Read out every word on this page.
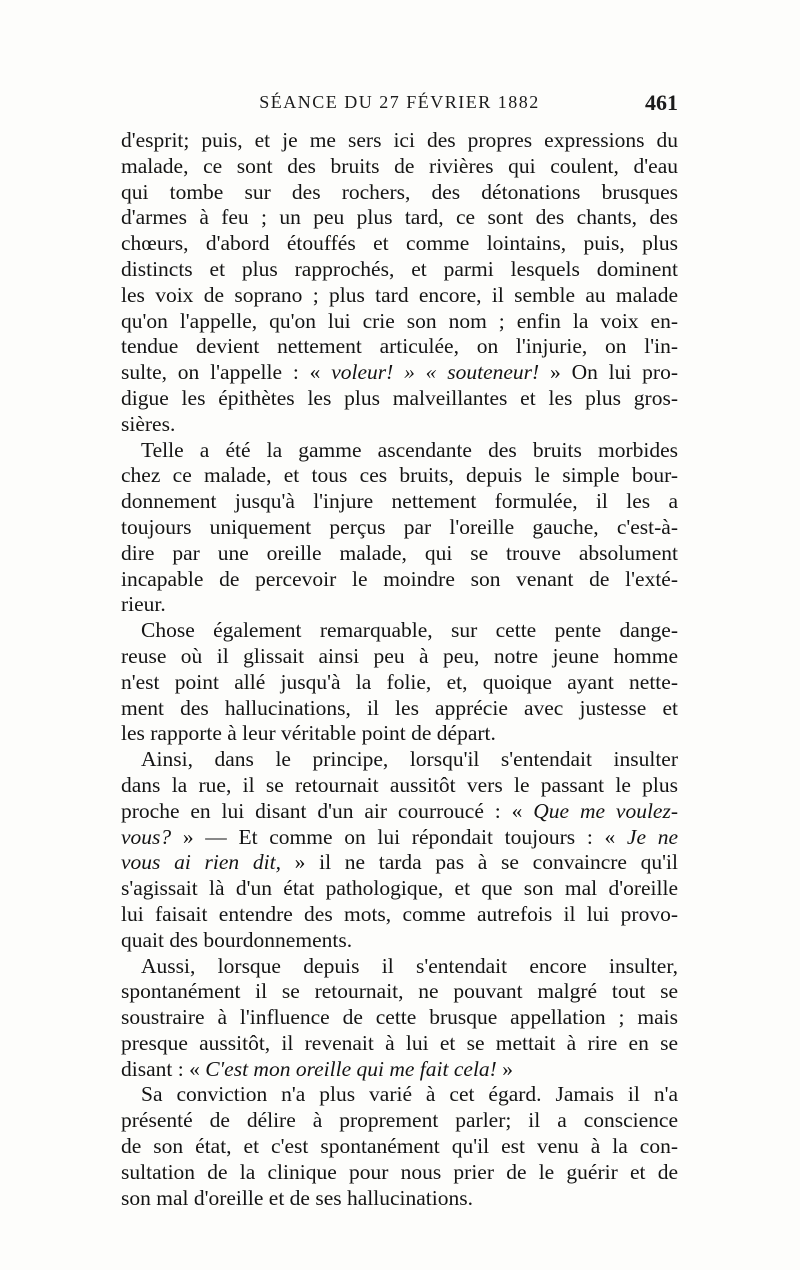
SÉANCE DU 27 FÉVRIER 1882	461
d'esprit; puis, et je me sers ici des propres expressions du
malade, ce sont des bruits de rivières qui coulent, d'eau
qui tombe sur des rochers, des détonations brusques
d'armes à feu ; un peu plus tard, ce sont des chants, des
chœurs, d'abord étouffés et comme lointains, puis, plus
distincts et plus rapprochés, et parmi lesquels dominent
les voix de soprano ; plus tard encore, il semble au malade
qu'on l'appelle, qu'on lui crie son nom ; enfin la voix en-
tendue devient nettement articulée, on l'injurie, on l'in-
sulte, on l'appelle : « voleur! » « souteneur! » On lui pro-
digue les épithètes les plus malveillantes et les plus gros-
sières.
Telle a été la gamme ascendante des bruits morbides
chez ce malade, et tous ces bruits, depuis le simple bour-
donnement jusqu'à l'injure nettement formulée, il les a
toujours uniquement perçus par l'oreille gauche, c'est-à-
dire par une oreille malade, qui se trouve absolument
incapable de percevoir le moindre son venant de l'exté-
rieur.
Chose également remarquable, sur cette pente dange-
reuse où il glissait ainsi peu à peu, notre jeune homme
n'est point allé jusqu'à la folie, et, quoique ayant nette-
ment des hallucinations, il les apprécie avec justesse et
les rapporte à leur véritable point de départ.
Ainsi, dans le principe, lorsqu'il s'entendait insulter
dans la rue, il se retournait aussitôt vers le passant le plus
proche en lui disant d'un air courroucé : « Que me voulez-
vous? » — Et comme on lui répondait toujours : « Je ne
vous ai rien dit, » il ne tarda pas à se convaincre qu'il
s'agissait là d'un état pathologique, et que son mal d'oreille
lui faisait entendre des mots, comme autrefois il lui provo-
quait des bourdonnements.
Aussi, lorsque depuis il s'entendait encore insulter,
spontanément il se retournait, ne pouvant malgré tout se
soustraire à l'influence de cette brusque appellation ; mais
presque aussitôt, il revenait à lui et se mettait à rire en se
disant : « C'est mon oreille qui me fait cela! »
Sa conviction n'a plus varié à cet égard. Jamais il n'a
présenté de délire à proprement parler; il a conscience
de son état, et c'est spontanément qu'il est venu à la con-
sultation de la clinique pour nous prier de le guérir et de
son mal d'oreille et de ses hallucinations.
